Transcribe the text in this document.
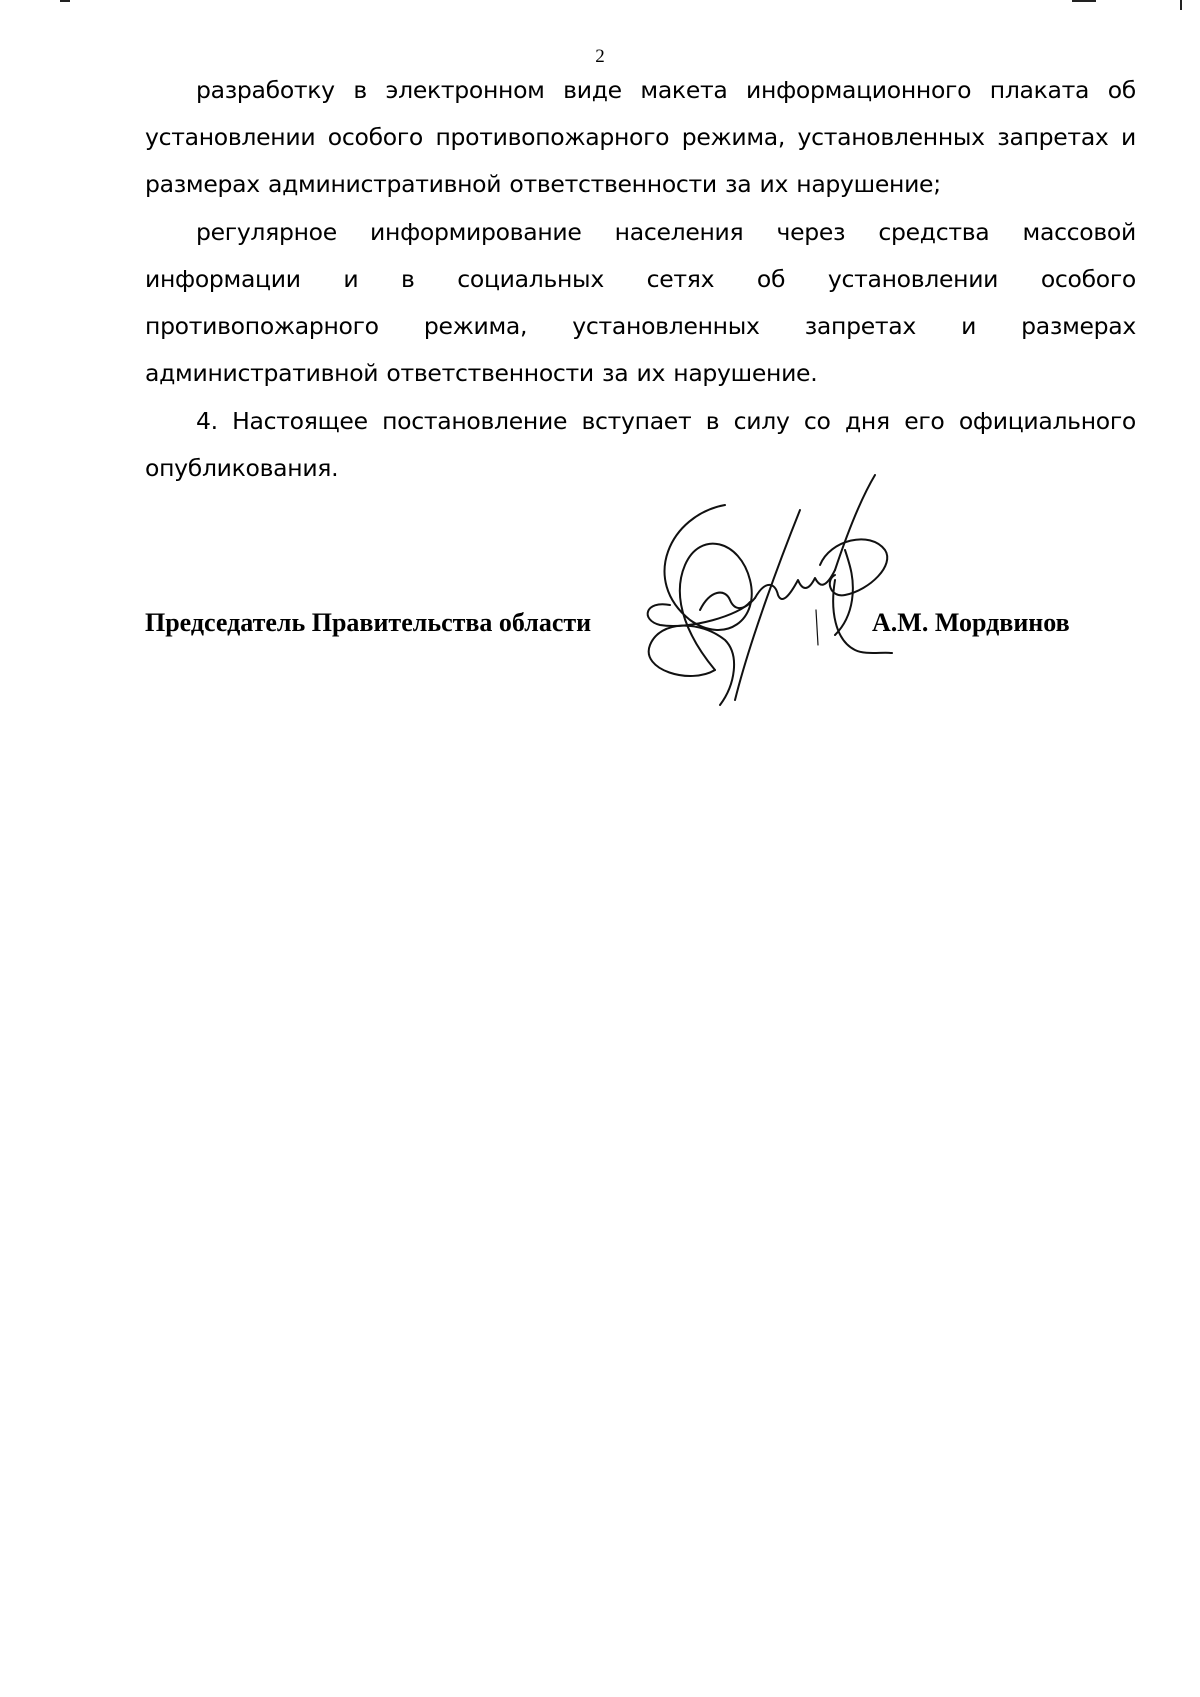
2

разработку в электронном виде макета информационного плаката об установлении особого противопожарного режима, установленных запретах и размерах административной ответственности за их нарушение;

регулярное информирование населения через средства массовой информации и в социальных сетях об установлении особого противопожарного режима, установленных запретах и размерах административной ответственности за их нарушение.

4. Настоящее постановление вступает в силу со дня его официального опубликования.

Председатель Правительства области	А.М. Мордвинов
